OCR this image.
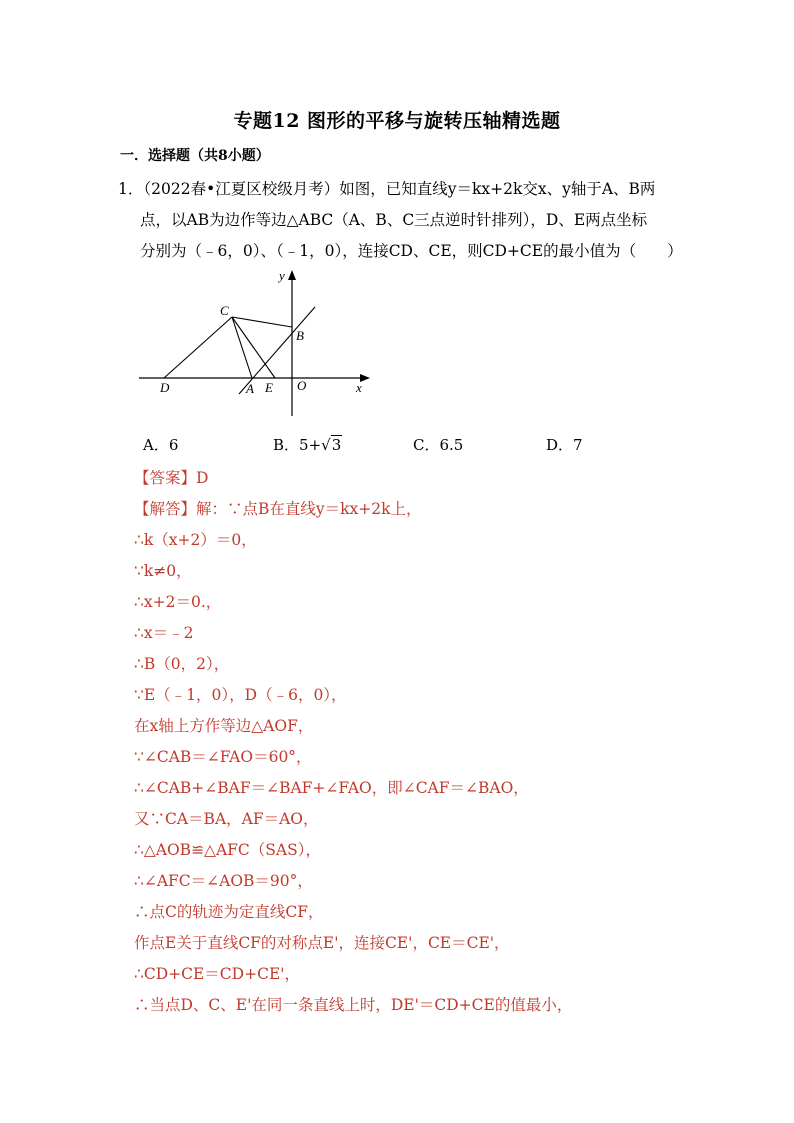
专题12 图形的平移与旋转压轴精选题
一．选择题（共8小题）
1．（2022春•江夏区校级月考）如图，已知直线y＝kx+2k交x、y轴于A、B两
点，以AB为边作等边△ABC（A、B、C三点逆时针排列），D、E两点坐标
分别为（﹣6，0）、（﹣1，0），连接CD、CE，则CD+CE的最小值为（　　）
y
x
C
B
D	A E O
A．6	B．5+√3	C．6.5	D．7
【答案】D
【解答】解：∵点B在直线y＝kx+2k上，
∴k（x+2）＝0，
∵k≠0，
∴x+2＝0.，
∴x＝﹣2
∴B（0，2），
∵E（﹣1，0），D（﹣6，0），
在x轴上方作等边△AOF，
∵∠CAB＝∠FAO＝60°，
∴∠CAB+∠BAF＝∠BAF+∠FAO，即∠CAF＝∠BAO，
又∵CA＝BA，AF＝AO，
∴△AOB≌△AFC（SAS），
∴∠AFC＝∠AOB＝90°，
∴点C的轨迹为定直线CF，
作点E关于直线CF的对称点E'，连接CE'，CE＝CE'，
∴CD+CE＝CD+CE'，
∴当点D、C、E'在同一条直线上时，DE'＝CD+CE的值最小，
